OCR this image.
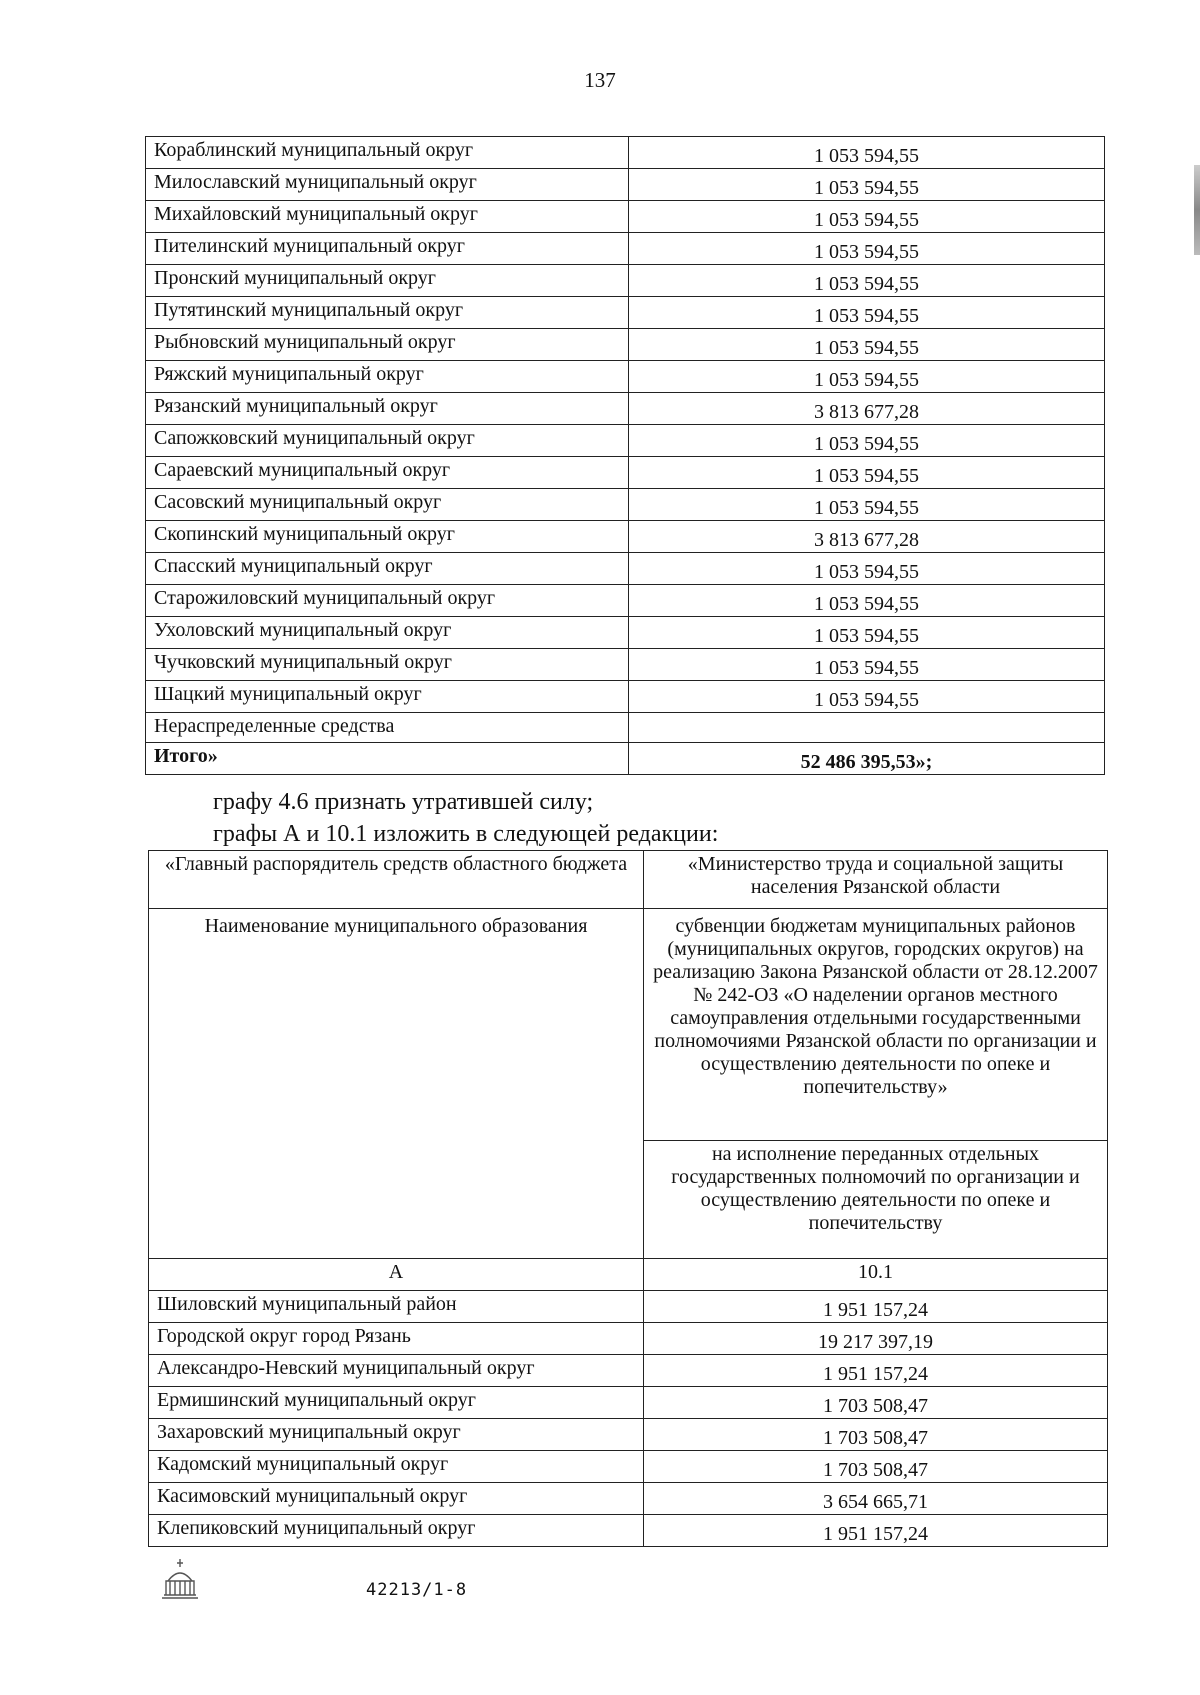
137
Кораблинский муниципальный округ	1 053 594,55
Милославский муниципальный округ	1 053 594,55
Михайловский муниципальный округ	1 053 594,55
Пителинский муниципальный округ	1 053 594,55
Пронский муниципальный округ	1 053 594,55
Путятинский муниципальный округ	1 053 594,55
Рыбновский муниципальный округ	1 053 594,55
Ряжский муниципальный округ	1 053 594,55
Рязанский муниципальный округ	3 813 677,28
Сапожковский муниципальный округ	1 053 594,55
Сараевский муниципальный округ	1 053 594,55
Сасовский муниципальный округ	1 053 594,55
Скопинский муниципальный округ	3 813 677,28
Спасский муниципальный округ	1 053 594,55
Старожиловский муниципальный округ	1 053 594,55
Ухоловский муниципальный округ	1 053 594,55
Чучковский муниципальный округ	1 053 594,55
Шацкий муниципальный округ	1 053 594,55
Нераспределенные средства	
Итого»	52 486 395,53»;
графу 4.6 признать утратившей силу;
графы А и 10.1 изложить в следующей редакции:
«Главный распорядитель средств областного бюджета	«Министерство труда и социальной защиты населения Рязанской области
Наименование муниципального образования	субвенции бюджетам муниципальных районов (муниципальных округов, городских округов) на реализацию Закона Рязанской области от 28.12.2007 № 242-ОЗ «О наделении органов местного самоуправления отдельными государственными полномочиями Рязанской области по организации и осуществлению деятельности по опеке и попечительству»
	на исполнение переданных отдельных государственных полномочий по организации и осуществлению деятельности по опеке и попечительству
А	10.1
Шиловский муниципальный район	1 951 157,24
Городской округ город Рязань	19 217 397,19
Александро-Невский муниципальный округ	1 951 157,24
Ермишинский муниципальный округ	1 703 508,47
Захаровский муниципальный округ	1 703 508,47
Кадомский муниципальный округ	1 703 508,47
Касимовский муниципальный округ	3 654 665,71
Клепиковский муниципальный округ	1 951 157,24
42213/1-8
